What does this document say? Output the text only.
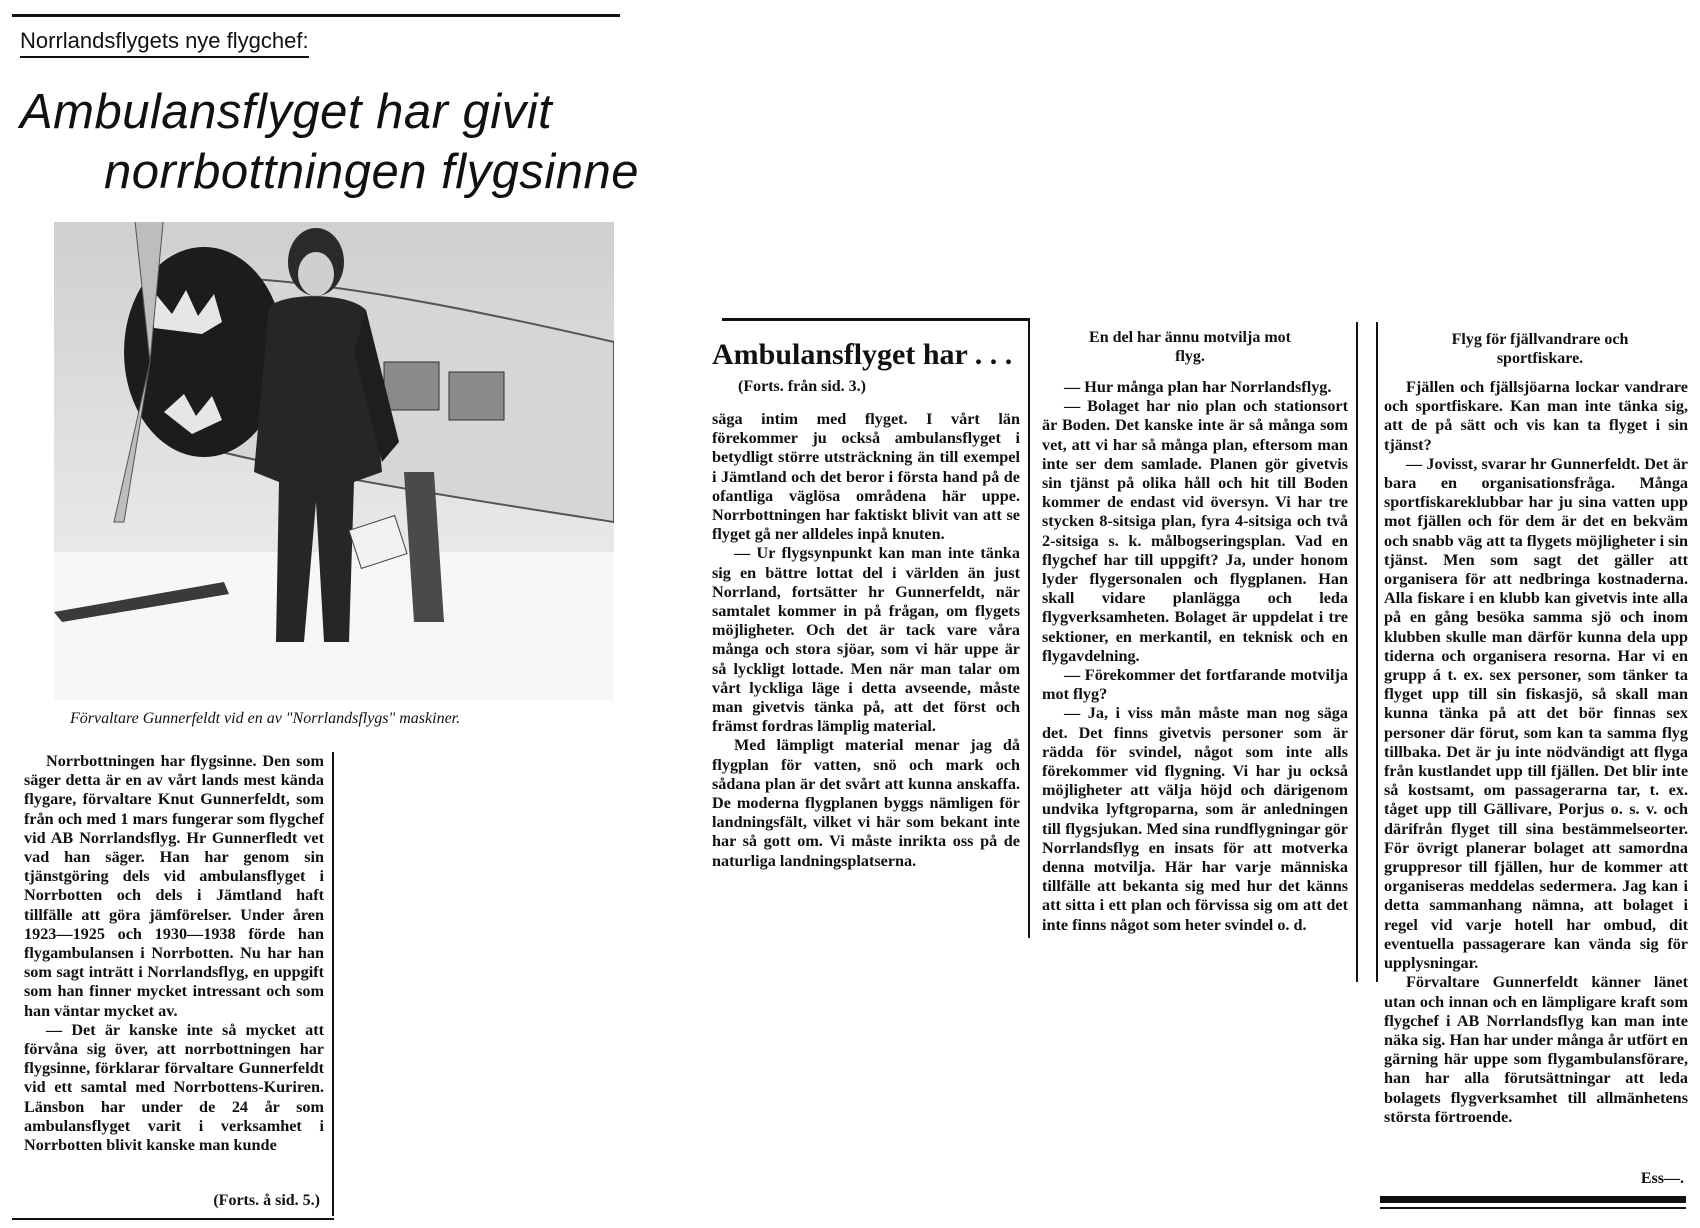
Norrlandsflygets nye flygchef:
Ambulansflyget har givit
norrbottningen flygsinne
Förvaltare Gunnerfeldt vid en av "Norrlandsflygs" maskiner.

Norrbottningen har flygsinne. Den som säger detta är en av vårt lands mest kända flygare, förvaltare Knut Gunnerfeldt, som från och med 1 mars fungerar som flygchef vid AB Norrlandsflyg. Hr Gunnerfledt vet vad han säger. Han har genom sin tjänstgöring dels vid ambulansflyget i Norrbotten och dels i Jämtland haft tillfälle att göra jämförelser. Under åren 1923—1925 och 1930—1938 förde han flygambulansen i Norrbotten. Nu har han som sagt inträtt i Norrlandsflyg, en uppgift som han finner mycket intressant och som han väntar mycket av.

— Det är kanske inte så mycket att förvåna sig över, att norrbottningen har flygsinne, förklarar förvaltare Gunnerfeldt vid ett samtal med Norrbottens-Kuriren. Länsbon har under de 24 år som ambulansflyget varit i verksamhet i Norrbotten blivit kanske man kunde

(Forts. å sid. 5.)
Ambulansflyget har . . .
(Forts. från sid. 3.)

säga intim med flyget. I vårt län förekommer ju också ambulansflyget i betydligt större utsträckning än till exempel i Jämtland och det beror i första hand på de ofantliga väglösa områdena här uppe. Norrbottningen har faktiskt blivit van att se flyget gå ner alldeles inpå knuten.

— Ur flygsynpunkt kan man inte tänka sig en bättre lottat del i världen än just Norrland, fortsätter hr Gunnerfeldt, när samtalet kommer in på frågan, om flygets möjligheter. Och det är tack vare våra många och stora sjöar, som vi här uppe är så lyckligt lottade. Men när man talar om vårt lyckliga läge i detta avseende, måste man givetvis tänka på, att det först och främst fordras lämplig material.

Med lämpligt material menar jag då flygplan för vatten, snö och mark och sådana plan är det svårt att kunna anskaffa. De moderna flygplanen byggs nämligen för landningsfält, vilket vi här som bekant inte har så gott om. Vi måste inrikta oss på de naturliga landningsplatserna.

En del har ännu motvilja mot flyg.

— Hur många plan har Norrlandsflyg.

— Bolaget har nio plan och stationsort är Boden. Det kanske inte är så många som vet, att vi har så många plan, eftersom man inte ser dem samlade. Planen gör givetvis sin tjänst på olika håll och hit till Boden kommer de endast vid översyn. Vi har tre stycken 8-sitsiga plan, fyra 4-sitsiga och två 2-sitsiga s. k. målbogseringsplan. Vad en flygchef har till uppgift? Ja, under honom lyder flygersonalen och flygplanen. Han skall vidare planlägga och leda flygverksamheten. Bolaget är uppdelat i tre sektioner, en merkantil, en teknisk och en flygavdelning.

— Förekommer det fortfarande motvilja mot flyg?

— Ja, i viss mån måste man nog säga det. Det finns givetvis personer som är rädda för svindel, något som inte alls förekommer vid flygning. Vi har ju också möjligheter att välja höjd och därigenom undvika lyftgroparna, som är anledningen till flygsjukan. Med sina rundflygningar gör Norrlandsflyg en insats för att motverka denna motvilja. Här har varje människa tillfälle att bekanta sig med hur det känns att sitta i ett plan och förvissa sig om att det inte finns något som heter svindel o. d.

Flyg för fjällvandrare och sportfiskare.

Fjällen och fjällsjöarna lockar vandrare och sportfiskare. Kan man inte tänka sig, att de på sätt och vis kan ta flyget i sin tjänst?

— Jovisst, svarar hr Gunnerfeldt. Det är bara en organisationsfråga. Många sportfiskareklubbar har ju sina vatten upp mot fjällen och för dem är det en bekväm och snabb väg att ta flygets möjligheter i sin tjänst. Men som sagt det gäller att organisera för att nedbringa kostnaderna. Alla fiskare i en klubb kan givetvis inte alla på en gång besöka samma sjö och inom klubben skulle man därför kunna dela upp tiderna och organisera resorna. Har vi en grupp á t. ex. sex personer, som tänker ta flyget upp till sin fiskasjö, så skall man kunna tänka på att det bör finnas sex personer där förut, som kan ta samma flyg tillbaka. Det är ju inte nödvändigt att flyga från kustlandet upp till fjällen. Det blir inte så kostsamt, om passagerarna tar, t. ex. tåget upp till Gällivare, Porjus o. s. v. och därifrån flyget till sina bestämmelseorter. För övrigt planerar bolaget att samordna gruppresor till fjällen, hur de kommer att organiseras meddelas sedermera. Jag kan i detta sammanhang nämna, att bolaget i regel vid varje hotell har ombud, dit eventuella passagerare kan vända sig för upplysningar.

Förvaltare Gunnerfeldt känner länet utan och innan och en lämpligare kraft som flygchef i AB Norrlandsflyg kan man inte näka sig. Han har under många år utfört en gärning här uppe som flygambulansförare, han har alla förutsättningar att leda bolagets flygverksamhet till allmänhetens största förtroende.

Ess—.
